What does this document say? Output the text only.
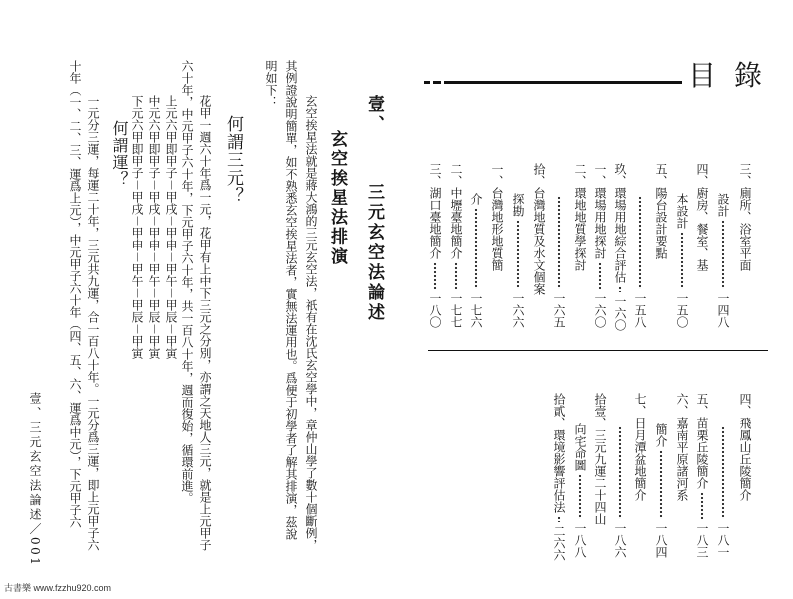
壹、
三元玄空法論述
玄空挨星法排演
玄空挨星法就是蔣大鴻的三元玄空法，祇有在沈氏玄空學中，章仲山學了數十個斷例，
其例證說明簡單，如不熟悉玄空挨星法者，實無法運用也。爲便于初學者了解其排演，茲說
明如下：
何謂三元？
花甲一週六十年爲一元，花甲有上中下三元之分別，亦謂之天地人三元，就是上元甲子
六十年，中元甲子六十年，下元甲子六十年，共一百八十年，週而復始，循環前進。
上元六甲即甲子－甲戌－甲申－甲午－甲辰－甲寅
中元六甲即甲子－甲戌－甲申－甲午－甲辰－甲寅
下元六甲即甲子－甲戌－甲申－甲午－甲辰－甲寅
何謂運？
一元分三運，每運二十年，三元共九運，合一百八十年。一元分爲三運，即上元甲子六
十年（一、二、三、運爲上元），中元甲子六十年（四、五、六、運爲中元），下元甲子六
壹、三元玄空法論述／001
目錄
三、廁所、浴室平面
設計
一四八
四、廚房、餐室、基
本設計
一五〇
五、陽台設計要點
一五八
玖、環場用地綜合評估
一六〇
一、環場用地探討
一六〇
二、環地地質學探討
一六五
拾、台灣地質及水文個案
探勘
一六六
一、台灣地形地質簡
介
一七六
二、中壢臺地簡介
一七七
三、湖口臺地簡介
一八〇
四、飛鳳山丘陵簡介
一八一
五、苗栗丘陵簡介
一八三
六、嘉南平原諸河系
簡介
一八四
七、日月潭盆地簡介
一八六
拾壹、三元九運二十四山
向宅命圖
一八八
拾貳、環境影響評估法
二六六
古書樂 www.fzzhu920.com
